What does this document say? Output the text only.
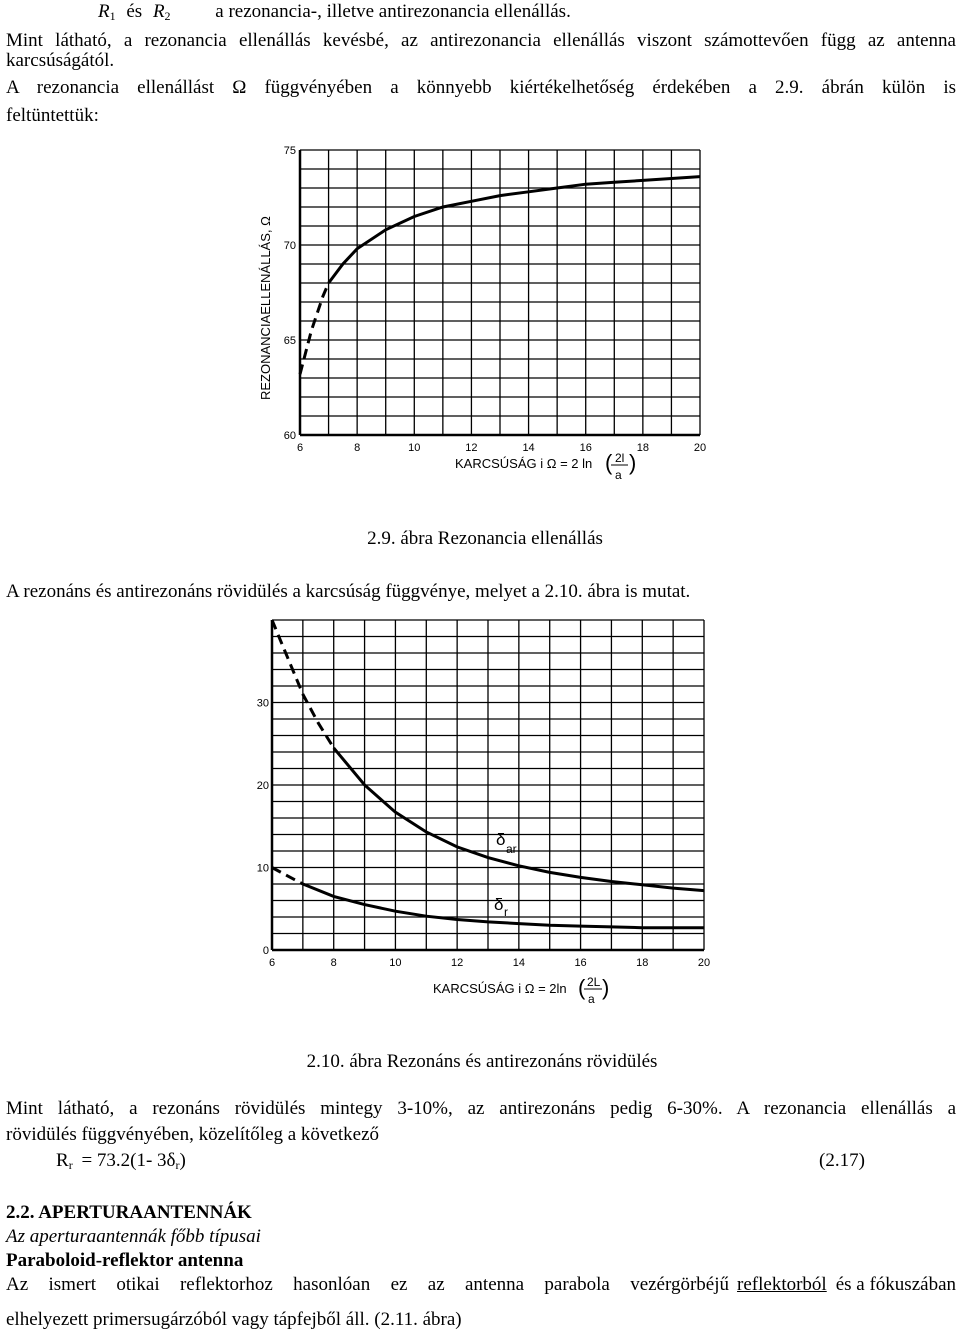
$R_1$ és $R_2$ a rezonancia-, illetve antirezonancia ellenállás.
Mint látható, a rezonancia ellenállás kevésbé, az antirezonancia ellenállás viszont számottevően függ az antenna
karcsúságától.
A rezonancia ellenállást Ω függvényében a könnyebb kiértékelhetőség érdekében a 2.9. ábrán külön is
feltüntettük:
6	8	10	12	14	16	18	20
60
65
70
75
REZONANCIAELLENÁLLÁS, Ω
KARCSÚSÁG i Ω = 2 ln 2l
a
( )
2.9. ábra Rezonancia ellenállás
A rezonáns és antirezonáns rövidülés a karcsúság függvénye, melyet a 2.10. ábra is mutat.
6	8	10	12	14	16	18	20
0
10
20
30
δ ar
δ r
KARCSÚSÁG i Ω = 2ln ( 2L
a )
2.10. ábra Rezonáns és antirezonáns rövidülés
Mint látható, a rezonáns rövidülés mintegy 3-10%, az antirezonáns pedig 6-30%. A rezonancia ellenállás a
rövidülés függvényében, közelítőleg a következő
$R_r = 73.2(1-$ $3\delta_r$)	(2.17)
2.2. APERTURAANTENNÁK
Az aperturaantennák főbb típusai
Paraboloid-reflektor antenna
Az ismert otikai reflektorhoz hasonlóan ez az antenna parabola vezérgörbéjű reflektorból és a fókuszában
elhelyezett primersugárzóból vagy tápfejből áll. (2.11. ábra)
